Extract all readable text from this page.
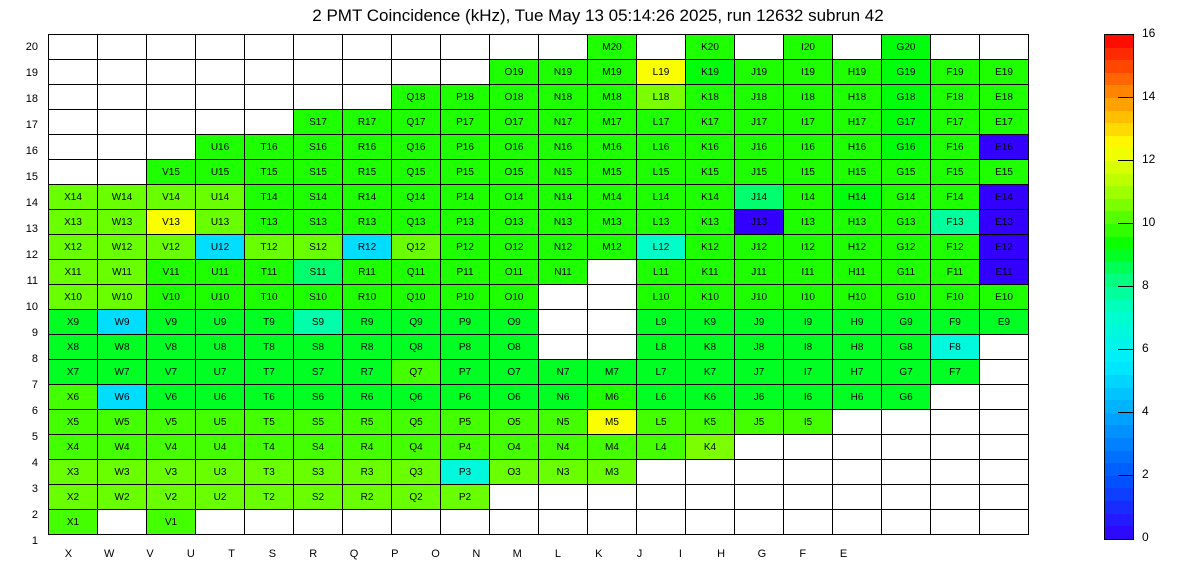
2 PMT Coincidence (kHz), Tue May 13 05:14:26 2025, run 12632 subrun 42
20
19
18
17
16
15
14
13
12
11
10
9
8
7
6
5
4
3
2
1
											M20		K20		I20		G20		
									O19	N19	M19	L19	K19	J19	I19	H19	G19	F19	E19
							Q18	P18	O18	N18	M18	L18	K18	J18	I18	H18	G18	F18	E18
					S17	R17	Q17	P17	O17	N17	M17	L17	K17	J17	I17	H17	G17	F17	E17
			U16	T16	S16	R16	Q16	P16	O16	N16	M16	L16	K16	J16	I16	H16	G16	F16	E16
		V15	U15	T15	S15	R15	Q15	P15	O15	N15	M15	L15	K15	J15	I15	H15	G15	F15	E15
X14	W14	V14	U14	T14	S14	R14	Q14	P14	O14	N14	M14	L14	K14	J14	I14	H14	G14	F14	E14
X13	W13	V13	U13	T13	S13	R13	Q13	P13	O13	N13	M13	L13	K13	J13	I13	H13	G13	F13	E13
X12	W12	V12	U12	T12	S12	R12	Q12	P12	O12	N12	M12	L12	K12	J12	I12	H12	G12	F12	E12
X11	W11	V11	U11	T11	S11	R11	Q11	P11	O11	N11		L11	K11	J11	I11	H11	G11	F11	E11
X10	W10	V10	U10	T10	S10	R10	Q10	P10	O10			L10	K10	J10	I10	H10	G10	F10	E10
X9	W9	V9	U9	T9	S9	R9	Q9	P9	O9			L9	K9	J9	I9	H9	G9	F9	E9
X8	W8	V8	U8	T8	S8	R8	Q8	P8	O8			L8	K8	J8	I8	H8	G8	F8	
X7	W7	V7	U7	T7	S7	R7	Q7	P7	O7	N7	M7	L7	K7	J7	I7	H7	G7	F7	
X6	W6	V6	U6	T6	S6	R6	Q6	P6	O6	N6	M6	L6	K6	J6	I6	H6	G6		
X5	W5	V5	U5	T5	S5	R5	Q5	P5	O5	N5	M5	L5	K5	J5	I5				
X4	W4	V4	U4	T4	S4	R4	Q4	P4	O4	N4	M4	L4	K4						
X3	W3	V3	U3	T3	S3	R3	Q3	P3	O3	N3	M3								
X2	W2	V2	U2	T2	S2	R2	Q2	P2											
X1		V1																	
X	W	V	U	T	S	R	Q	P	O	N	M	L	K	J	I	H	G	F	E
0
2
4
6
8
10
12
14
16
